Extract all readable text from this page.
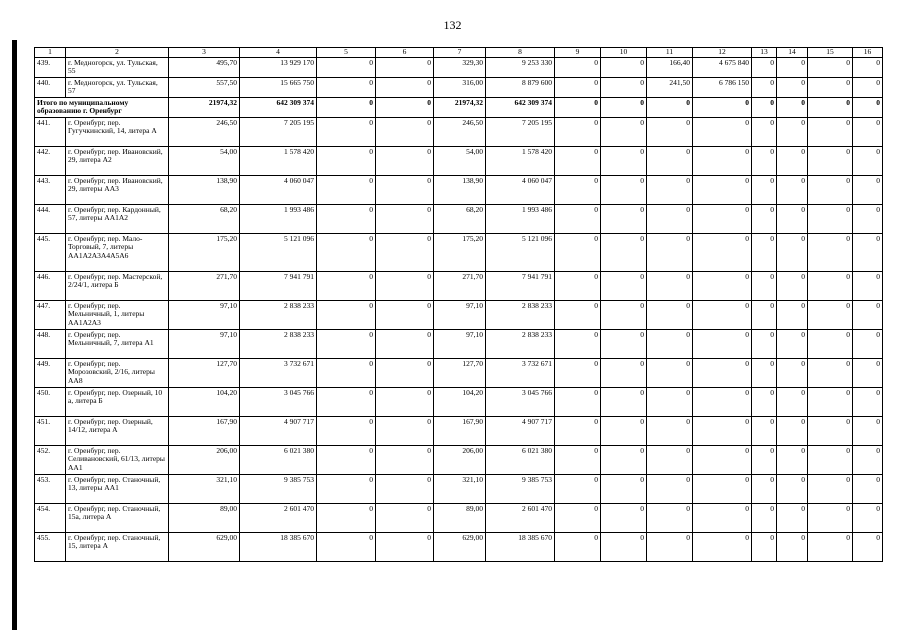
132
1	2	3	4	5	6	7	8	9	10	11	12	13	14	15	16
439.	г. Медногорск, ул. Тульская, 55	495,70	13 929 170	0	0	329,30	9 253 330	0	0	166,40	4 675 840	0	0	0	0
440.	г. Медногорск, ул. Тульская, 57	557,50	15 665 750	0	0	316,00	8 879 600	0	0	241,50	6 786 150	0	0	0	0
Итого по муниципальному образованию г. Оренбург		21974,32	642 309 374	0	0	21974,32	642 309 374	0	0	0	0	0	0	0	0
441.	г. Оренбург, пер. Гугучкинский, 14, литера А	246,50	7 205 195	0	0	246,50	7 205 195	0	0	0	0	0	0	0	0
442.	г. Оренбург, пер. Ивановский, 29, литера А2	54,00	1 578 420	0	0	54,00	1 578 420	0	0	0	0	0	0	0	0
443.	г. Оренбург, пер. Ивановский, 29, литеры АА3	138,90	4 060 047	0	0	138,90	4 060 047	0	0	0	0	0	0	0	0
444.	г. Оренбург, пер. Кардонный, 57, литеры АА1А2	68,20	1 993 486	0	0	68,20	1 993 486	0	0	0	0	0	0	0	0
445.	г. Оренбург, пер. Мало-Торговый, 7, литеры АА1А2А3А4А5А6	175,20	5 121 096	0	0	175,20	5 121 096	0	0	0	0	0	0	0	0
446.	г. Оренбург, пер. Мастерской, 2/24/1, литера Б	271,70	7 941 791	0	0	271,70	7 941 791	0	0	0	0	0	0	0	0
447.	г. Оренбург, пер. Мельничный, 1, литеры АА1А2А3	97,10	2 838 233	0	0	97,10	2 838 233	0	0	0	0	0	0	0	0
448.	г. Оренбург, пер. Мельничный, 7, литера А1	97,10	2 838 233	0	0	97,10	2 838 233	0	0	0	0	0	0	0	0
449.	г. Оренбург, пер. Морозовский, 2/16, литеры АА8	127,70	3 732 671	0	0	127,70	3 732 671	0	0	0	0	0	0	0	0
450.	г. Оренбург, пер. Озерный, 10 а, литера Б	104,20	3 045 766	0	0	104,20	3 045 766	0	0	0	0	0	0	0	0
451.	г. Оренбург, пер. Озерный, 14/12, литера А	167,90	4 907 717	0	0	167,90	4 907 717	0	0	0	0	0	0	0	0
452.	г. Оренбург, пер. Селивановский, 61/13, литеры АА1	206,00	6 021 380	0	0	206,00	6 021 380	0	0	0	0	0	0	0	0
453.	г. Оренбург, пер. Станочный, 13, литеры АА1	321,10	9 385 753	0	0	321,10	9 385 753	0	0	0	0	0	0	0	0
454.	г. Оренбург, пер. Станочный, 15а, литера А	89,00	2 601 470	0	0	89,00	2 601 470	0	0	0	0	0	0	0	0
455.	г. Оренбург, пер. Станочный, 15, литера А	629,00	18 385 670	0	0	629,00	18 385 670	0	0	0	0	0	0	0	0
